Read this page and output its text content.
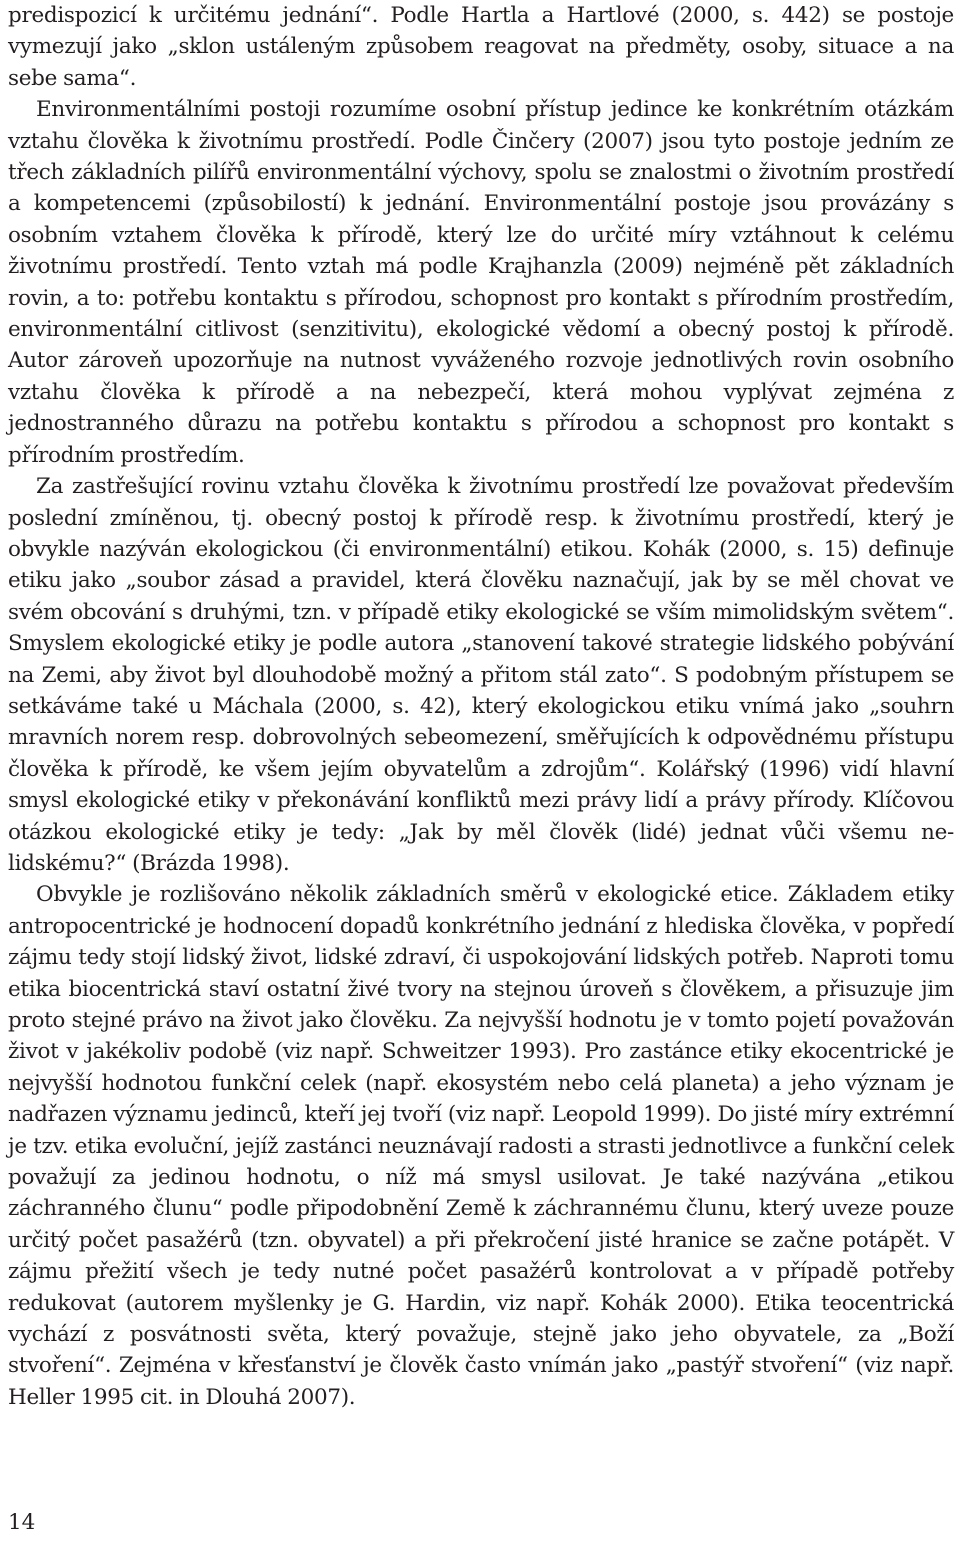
predispozicí k určitému jednání“. Podle Hartla a Hartlové (2000, s. 442) se postoje vymezují jako „sklon ustáleným způsobem reagovat na předměty, osoby, situace a na sebe sama“.

Environmentálními postoji rozumíme osobní přístup jedince ke konkrétním otázkám vztahu člověka k životnímu prostředí. Podle Činčery (2007) jsou tyto postoje jedním ze třech základních pilířů environmentální výchovy, spolu se znalostmi o životním prostředí a kompetencemi (způsobilostí) k jednání. Environmentální postoje jsou provázány s osobním vztahem člověka k přírodě, který lze do určité míry vztáhnout k celému životnímu prostředí. Tento vztah má podle Krajhanzla (2009) nejméně pět základních rovin, a to: potřebu kontaktu s přírodou, schopnost pro kontakt s přírodním prostředím, environmentální citlivost (senzitivitu), ekologické vědomí a obecný postoj k přírodě. Autor zároveň upozorňuje na nutnost vyváženého rozvoje jednotlivých rovin osobního vztahu člověka k přírodě a na nebezpečí, která mohou vyplývat zejména z jednostranného důrazu na potřebu kontaktu s přírodou a schopnost pro kontakt s přírodním prostředím.

Za zastřešující rovinu vztahu člověka k životnímu prostředí lze považovat především poslední zmíněnou, tj. obecný postoj k přírodě resp. k životnímu prostředí, který je obvykle nazýván ekologickou (či environmentální) etikou. Kohák (2000, s. 15) definuje etiku jako „soubor zásad a pravidel, která člověku naznačují, jak by se měl chovat ve svém obcování s druhými, tzn. v případě etiky ekologické se vším mimolidským světem“. Smyslem ekologické etiky je podle autora „stanovení takové strategie lidského pobývání na Zemi, aby život byl dlouhodobě možný a přitom stál zato“. S podobným přístupem se setkáváme také u Máchala (2000, s. 42), který ekologickou etiku vnímá jako „souhrn mravních norem resp. dobrovolných sebeomezení, směřujících k odpovědnému přístupu člověka k přírodě, ke všem jejím obyvatelům a zdrojům“. Kolářský (1996) vidí hlavní smysl ekologické etiky v překonávání konfliktů mezi právy lidí a právy přírody. Klíčovou otázkou ekologické etiky je tedy: „Jak by měl člověk (lidé) jednat vůči všemu ne-lidskému?“ (Brázda 1998).

Obvykle je rozlišováno několik základních směrů v ekologické etice. Základem etiky antropocentrické je hodnocení dopadů konkrétního jednání z hlediska člověka, v popředí zájmu tedy stojí lidský život, lidské zdraví, či uspokojování lidských potřeb. Naproti tomu etika biocentrická staví ostatní živé tvory na stejnou úroveň s člověkem, a přisuzuje jim proto stejné právo na život jako člověku. Za nejvyšší hodnotu je v tomto pojetí považován život v jakékoliv podobě (viz např. Schweitzer 1993). Pro zastánce etiky ekocentrické je nejvyšší hodnotou funkční celek (např. ekosystém nebo celá planeta) a jeho význam je nadřazen významu jedinců, kteří jej tvoří (viz např. Leopold 1999). Do jisté míry extrémní je tzv. etika evoluční, jejíž zastánci neuznávají radosti a strasti jednotlivce a funkční celek považují za jedinou hodnotu, o níž má smysl usilovat. Je také nazývána „etikou záchranného člunu“ podle připodobnění Země k záchrannému člunu, který uveze pouze určitý počet pasažérů (tzn. obyvatel) a při překročení jisté hranice se začne potápět. V zájmu přežití všech je tedy nutné počet pasažérů kontrolovat a v případě potřeby redukovat (autorem myšlenky je G. Hardin, viz např. Kohák 2000). Etika teocentrická vychází z posvátnosti světa, který považuje, stejně jako jeho obyvatele, za „Boží stvoření“. Zejména v křesťanství je člověk často vnímán jako „pastýř stvoření“ (viz např. Heller 1995 cit. in Dlouhá 2007).

14
